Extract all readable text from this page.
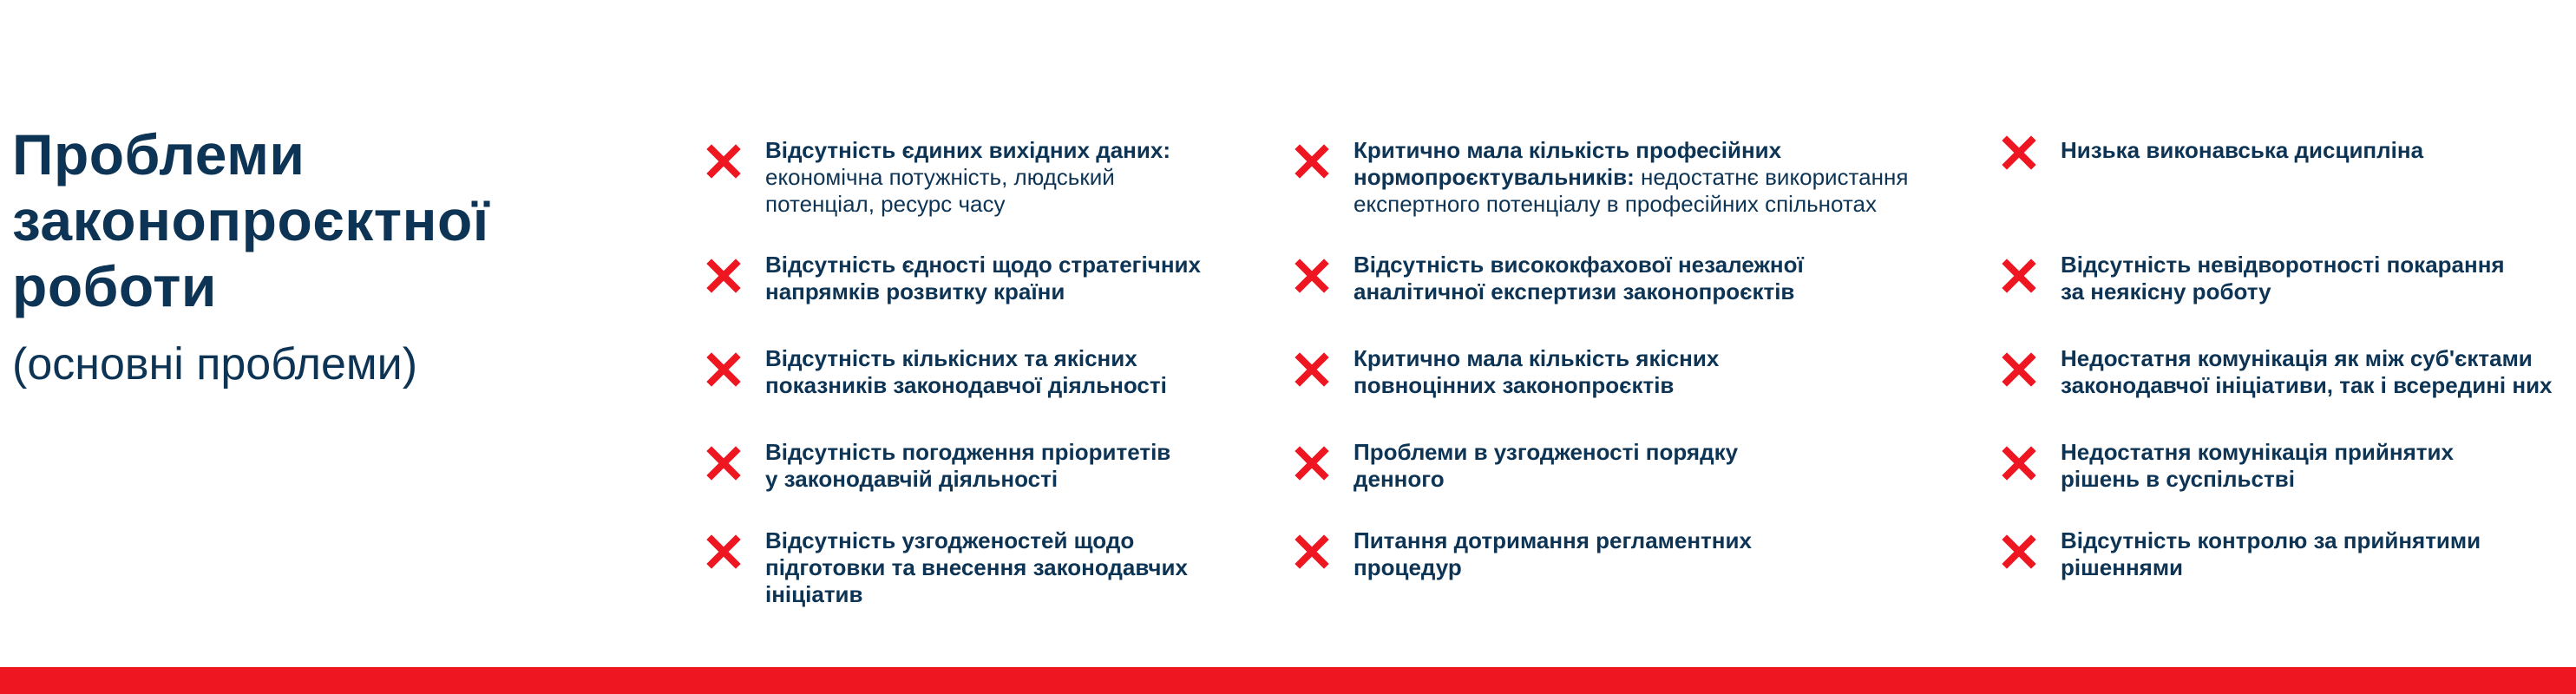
Проблеми
законопроєктної
роботи
(основні проблеми)
Відсутність єдиних вихідних даних:
економічна потужність, людський
потенціал, ресурс часу
Відсутність єдності щодо стратегічних
напрямків розвитку країни
Відсутність кількісних та якісних
показників законодавчої діяльності
Відсутність погодження пріоритетів
у законодавчій діяльності
Відсутність узгодженостей щодо
підготовки та внесення законодавчих
ініціатив
Критично мала кількість професійних
нормопроєктувальників: недостатнє використання
експертного потенціалу в професійних спільнотах
Відсутність висококфахової незалежної
аналітичної експертизи законопроєктів
Критично мала кількість якісних
повноцінних законопроєктів
Проблеми в узгодженості порядку
денного
Питання дотримання регламентних
процедур
Низька виконавська дисципліна
Відсутність невідворотності покарання
за неякісну роботу
Недостатня комунікація як між суб'єктами
законодавчої ініціативи, так і всередині них
Недостатня комунікація прийнятих
рішень в суспільстві
Відсутність контролю за прийнятими
рішеннями
